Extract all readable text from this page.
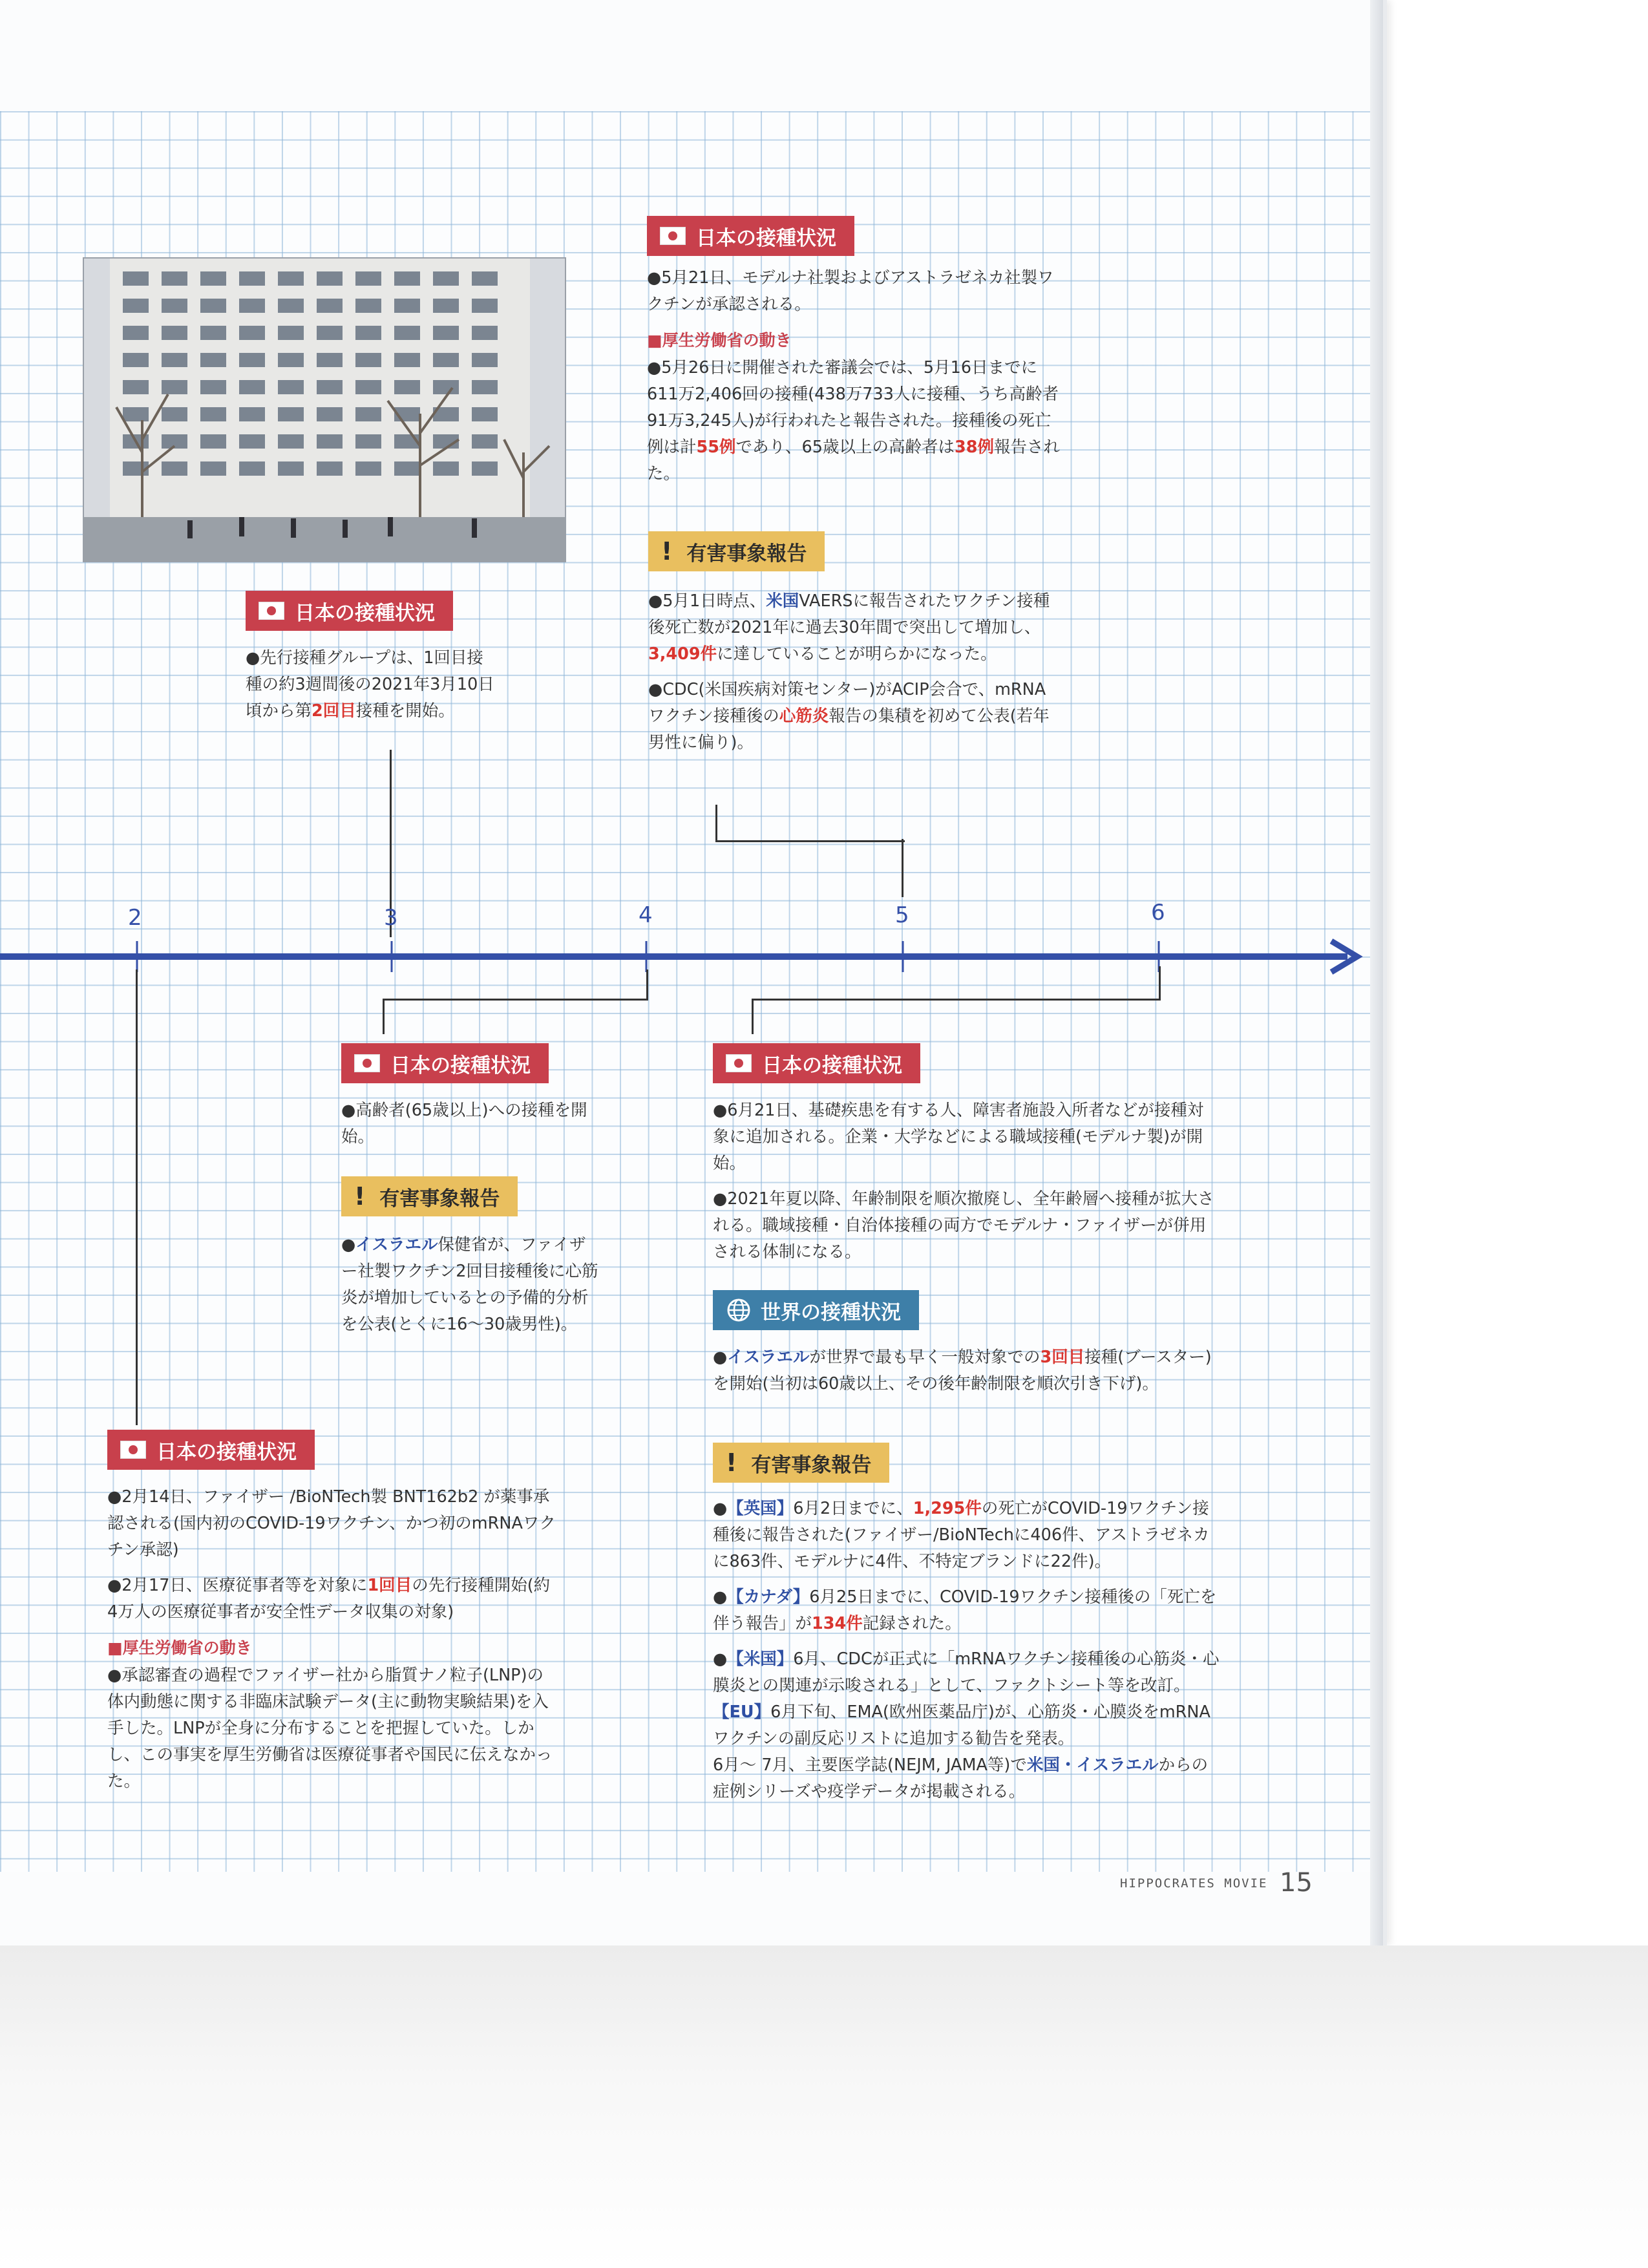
日本の接種状況

●5月21日、モデルナ社製およびアストラゼネカ社製ワクチンが承認される。

■厚生労働省の動き

●5月26日に開催された審議会では、5月16日までに611万2,406回の接種(438万733人に接種、うち高齢者91万3,245人)が行われたと報告された。接種後の死亡例は計55例であり、65歳以上の高齢者は38例報告された。

! 有害事象報告

●5月1日時点、米国VAERSに報告されたワクチン接種後死亡数が2021年に過去30年間で突出して増加し、3,409件に達していることが明らかになった。

●CDC(米国疾病対策センター)がACIP会合で、mRNAワクチン接種後の心筋炎報告の集積を初めて公表(若年男性に偏り)。

日本の接種状況

●先行接種グループは、1回目接種の約3週間後の2021年3月10日頃から第2回目接種を開始。

2	3	4	5	6
日本の接種状況

●高齢者(65歳以上)への接種を開始。

! 有害事象報告

●イスラエル保健省が、ファイザー社製ワクチン2回目接種後に心筋炎が増加しているとの予備的分析を公表(とくに16〜30歳男性)。

日本の接種状況

●6月21日、基礎疾患を有する人、障害者施設入所者などが接種対象に追加される。企業・大学などによる職域接種(モデルナ製)が開始。

●2021年夏以降、年齢制限を順次撤廃し、全年齢層へ接種が拡大される。職域接種・自治体接種の両方でモデルナ・ファイザーが併用される体制になる。

世界の接種状況

●イスラエルが世界で最も早く一般対象での3回目接種(ブースター)を開始(当初は60歳以上、その後年齢制限を順次引き下げ)。

! 有害事象報告

●【英国】6月2日までに、1,295件の死亡がCOVID-19ワクチン接種後に報告された(ファイザー/BioNTechに406件、アストラゼネカに863件、モデルナに4件、不特定ブランドに22件)。

●【カナダ】6月25日までに、COVID-19ワクチン接種後の「死亡を伴う報告」が134件記録された。

●【米国】6月、CDCが正式に「mRNAワクチン接種後の心筋炎・心膜炎との関連が示唆される」として、ファクトシート等を改訂。

【EU】6月下旬、EMA(欧州医薬品庁)が、心筋炎・心膜炎をmRNAワクチンの副反応リストに追加する勧告を発表。

6月〜 7月、主要医学誌(NEJM, JAMA等)で米国・イスラエルからの症例シリーズや疫学データが掲載される。

日本の接種状況

●2月14日、ファイザー /BioNTech製 BNT162b2 が薬事承認される(国内初のCOVID-19ワクチン、かつ初のmRNAワクチン承認)

●2月17日、医療従事者等を対象に1回目の先行接種開始(約4万人の医療従事者が安全性データ収集の対象)

■厚生労働省の動き

●承認審査の過程でファイザー社から脂質ナノ粒子(LNP)の体内動態に関する非臨床試験データ(主に動物実験結果)を入手した。LNPが全身に分布することを把握していた。しかし、この事実を厚生労働省は医療従事者や国民に伝えなかった。

HIPPOCRATES MOVIE 15
